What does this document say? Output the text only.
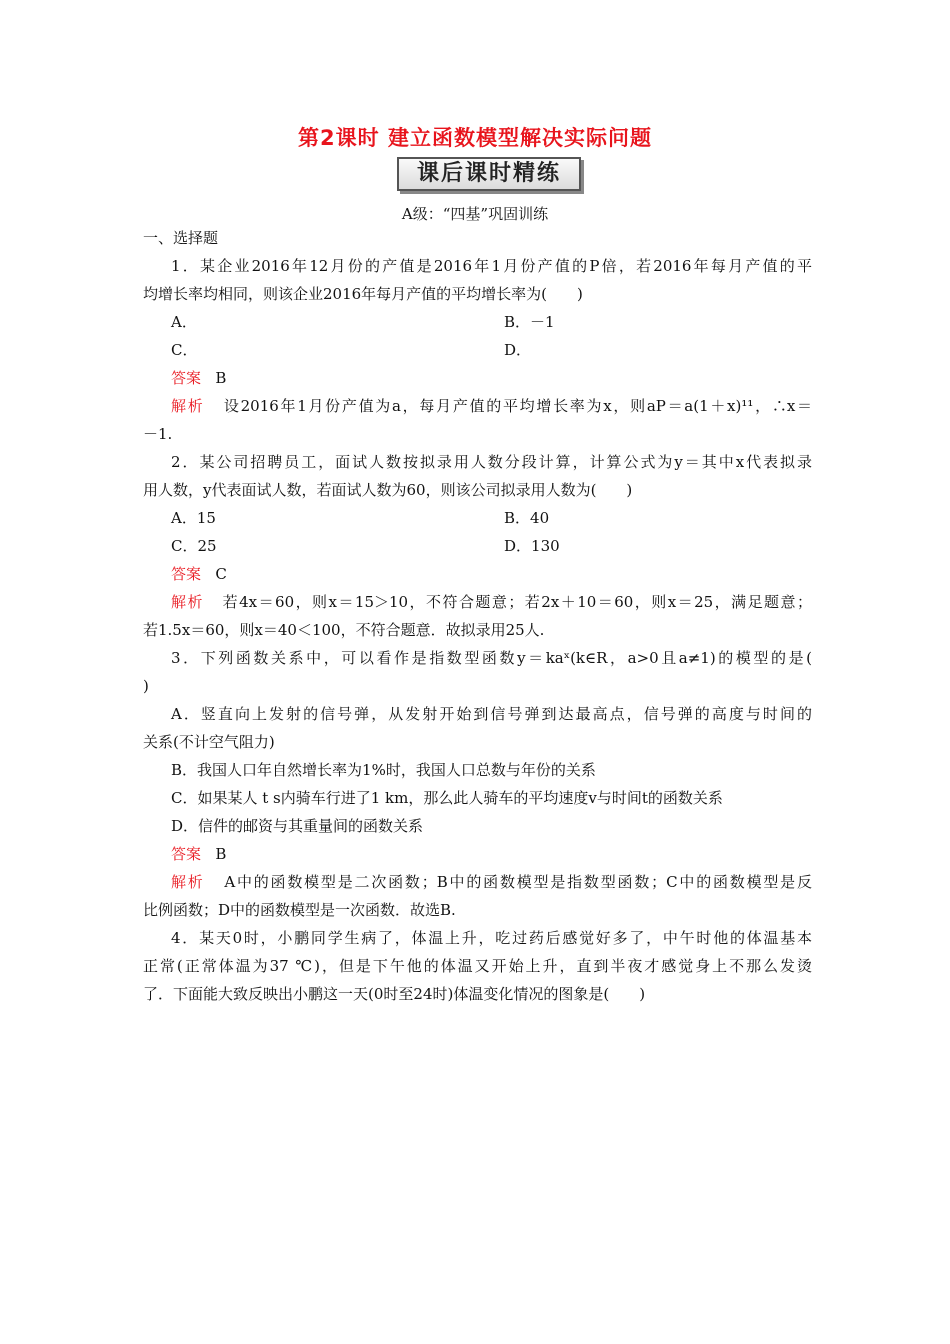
第2课时 建立函数模型解决实际问题
课后课时精练
A级：“四基”巩固训练
一、选择题
1．某企业2016年12月份的产值是2016年1月份产值的P倍，若2016年每月产值的平
均增长率均相同，则该企业2016年每月产值的平均增长率为(　　)
A．	B．－1
C．	D．
答案 B
解析 设2016年1月份产值为a，每月产值的平均增长率为x，则aP＝a(1＋x)¹¹，∴x＝
－1.
2．某公司招聘员工，面试人数按拟录用人数分段计算，计算公式为y＝其中x代表拟录
用人数，y代表面试人数，若面试人数为60，则该公司拟录用人数为(　　)
A．15	B．40
C．25	D．130
答案 C
解析 若4x＝60，则x＝15＞10，不符合题意；若2x＋10＝60，则x＝25，满足题意；
若1.5x＝60，则x＝40＜100，不符合题意．故拟录用25人.
3．下列函数关系中，可以看作是指数型函数y＝kaˣ(k∈R，a>0且a≠1)的模型的是(
)
A．竖直向上发射的信号弹，从发射开始到信号弹到达最高点，信号弹的高度与时间的
关系(不计空气阻力)
B．我国人口年自然增长率为1%时，我国人口总数与年份的关系
C．如果某人 t s内骑车行进了1 km，那么此人骑车的平均速度v与时间t的函数关系
D．信件的邮资与其重量间的函数关系
答案 B
解析 A中的函数模型是二次函数；B中的函数模型是指数型函数；C中的函数模型是反
比例函数；D中的函数模型是一次函数．故选B.
4．某天0时，小鹏同学生病了，体温上升，吃过药后感觉好多了，中午时他的体温基本
正常(正常体温为37 ℃)，但是下午他的体温又开始上升，直到半夜才感觉身上不那么发烫
了．下面能大致反映出小鹏这一天(0时至24时)体温变化情况的图象是(　　)
